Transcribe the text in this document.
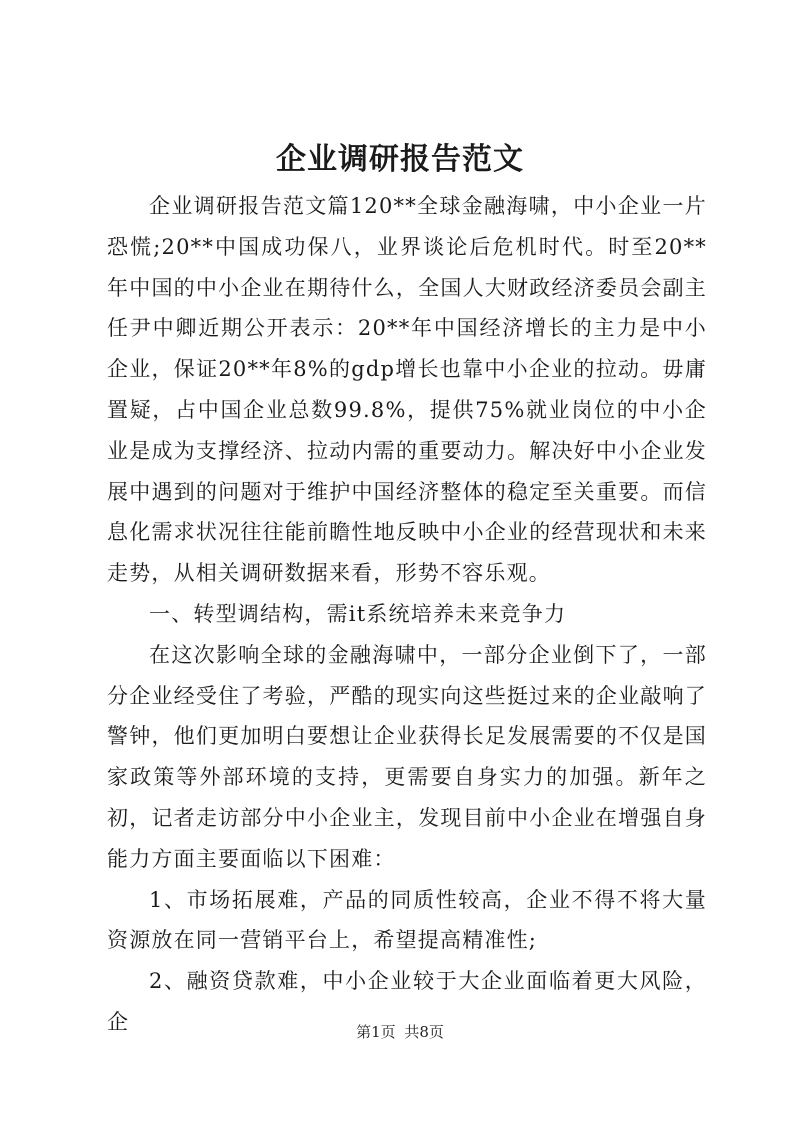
企业调研报告范文

企业调研报告范文篇120**全球金融海啸，中小企业一片恐慌;20**中国成功保八，业界谈论后危机时代。时至20**年中国的中小企业在期待什么，全国人大财政经济委员会副主任尹中卿近期公开表示：20**年中国经济增长的主力是中小企业，保证20**年8%的gdp增长也靠中小企业的拉动。毋庸置疑，占中国企业总数99.8%，提供75%就业岗位的中小企业是成为支撑经济、拉动内需的重要动力。解决好中小企业发展中遇到的问题对于维护中国经济整体的稳定至关重要。而信息化需求状况往往能前瞻性地反映中小企业的经营现状和未来走势，从相关调研数据来看，形势不容乐观。

一、转型调结构，需it系统培养未来竞争力

在这次影响全球的金融海啸中，一部分企业倒下了，一部分企业经受住了考验，严酷的现实向这些挺过来的企业敲响了警钟，他们更加明白要想让企业获得长足发展需要的不仅是国家政策等外部环境的支持，更需要自身实力的加强。新年之初，记者走访部分中小企业主，发现目前中小企业在增强自身能力方面主要面临以下困难：

1、市场拓展难，产品的同质性较高，企业不得不将大量资源放在同一营销平台上，希望提高精准性;

2、融资贷款难，中小企业较于大企业面临着更大风险，企	第1页 共8页
